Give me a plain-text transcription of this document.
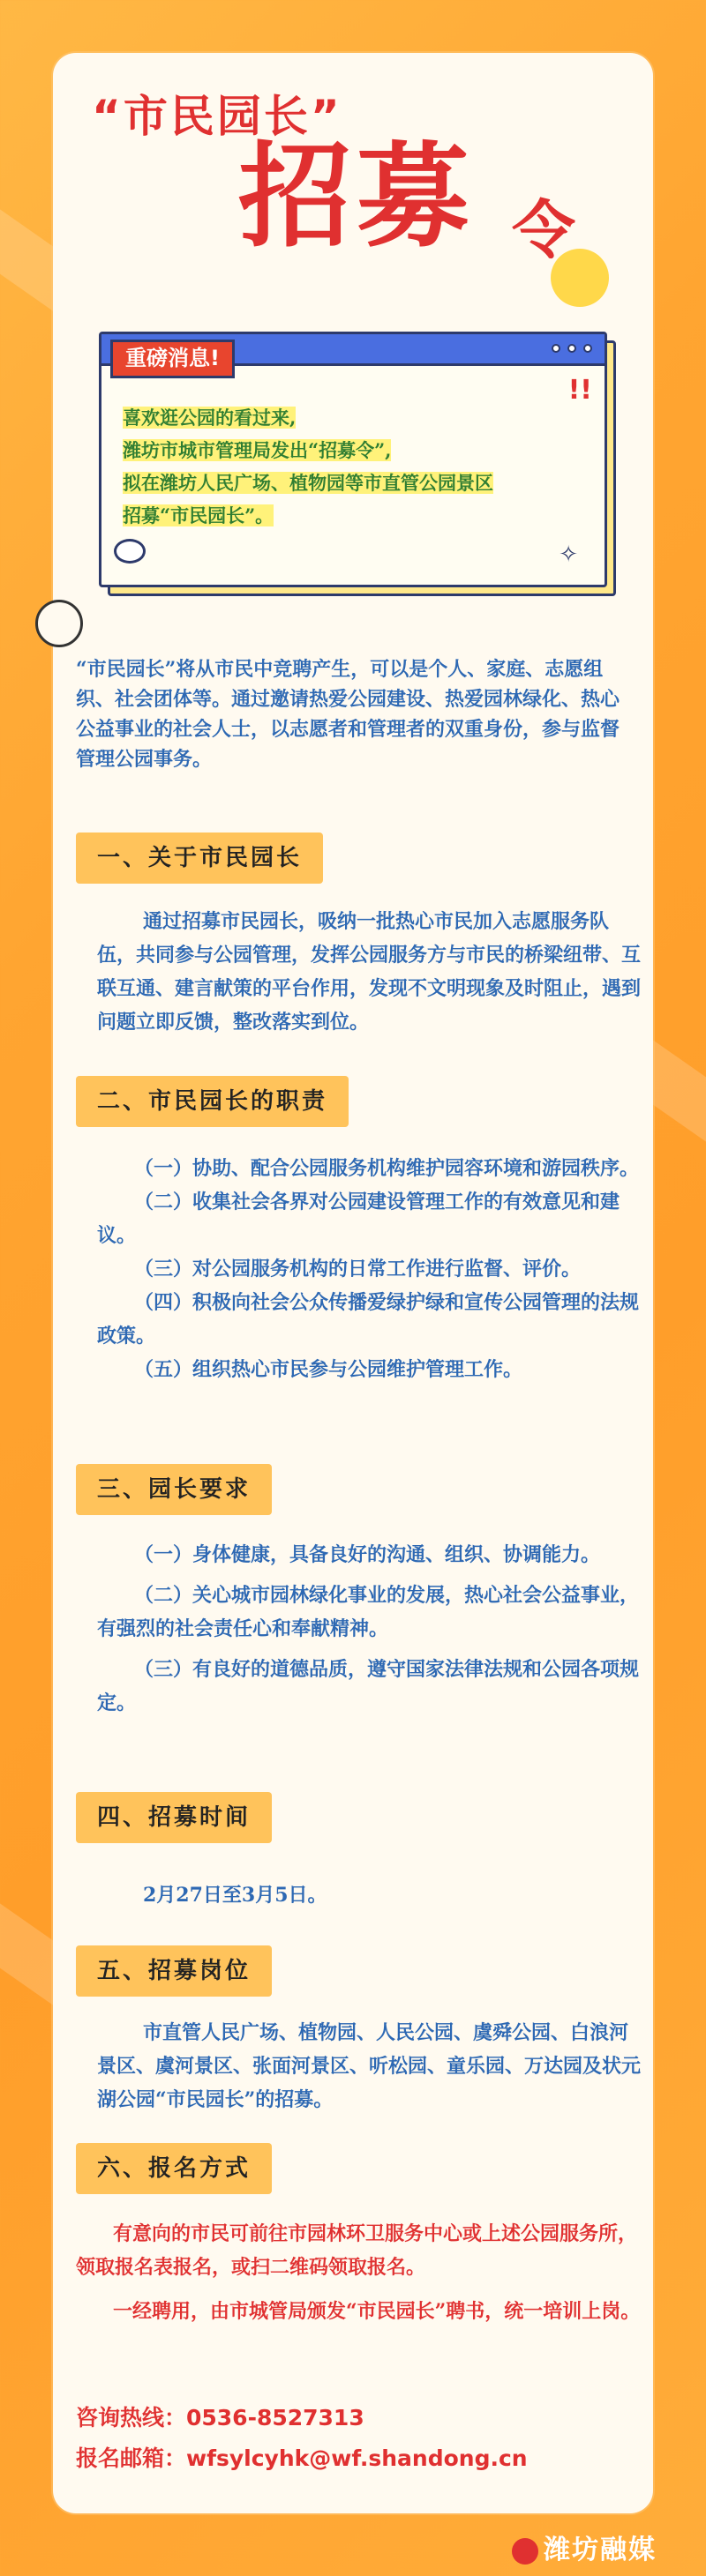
“市民园长”
招募 令
重磅消息!
!!
喜欢逛公园的看过来,
潍坊市城市管理局发出“招募令”,
拟在潍坊人民广场、植物园等市直管公园景区
招募“市民园长”。
✧
“市民园长”将从市民中竞聘产生，可以是个人、家庭、志愿组织、社会团体等。通过邀请热爱公园建设、热爱园林绿化、热心公益事业的社会人士，以志愿者和管理者的双重身份，参与监督管理公园事务。
一、关于市民园长
通过招募市民园长，吸纳一批热心市民加入志愿服务队伍，共同参与公园管理，发挥公园服务方与市民的桥梁纽带、互联互通、建言献策的平台作用，发现不文明现象及时阻止，遇到问题立即反馈，整改落实到位。
二、市民园长的职责
（一）协助、配合公园服务机构维护园容环境和游园秩序。
（二）收集社会各界对公园建设管理工作的有效意见和建议。
（三）对公园服务机构的日常工作进行监督、评价。
（四）积极向社会公众传播爱绿护绿和宣传公园管理的法规政策。
（五）组织热心市民参与公园维护管理工作。
三、园长要求
（一）身体健康，具备良好的沟通、组织、协调能力。
（二）关心城市园林绿化事业的发展，热心社会公益事业，有强烈的社会责任心和奉献精神。
（三）有良好的道德品质，遵守国家法律法规和公园各项规定。
四、招募时间
2月27日至3月5日。
五、招募岗位
市直管人民广场、植物园、人民公园、虞舜公园、白浪河景区、虞河景区、张面河景区、听松园、童乐园、万达园及状元湖公园“市民园长”的招募。
六、报名方式
有意向的市民可前往市园林环卫服务中心或上述公园服务所，领取报名表报名，或扫二维码领取报名。
一经聘用，由市城管局颁发“市民园长”聘书，统一培训上岗。
咨询热线：0536-8527313
报名邮箱：wfsylcyhk@wf.shandong.cn
潍坊融媒
